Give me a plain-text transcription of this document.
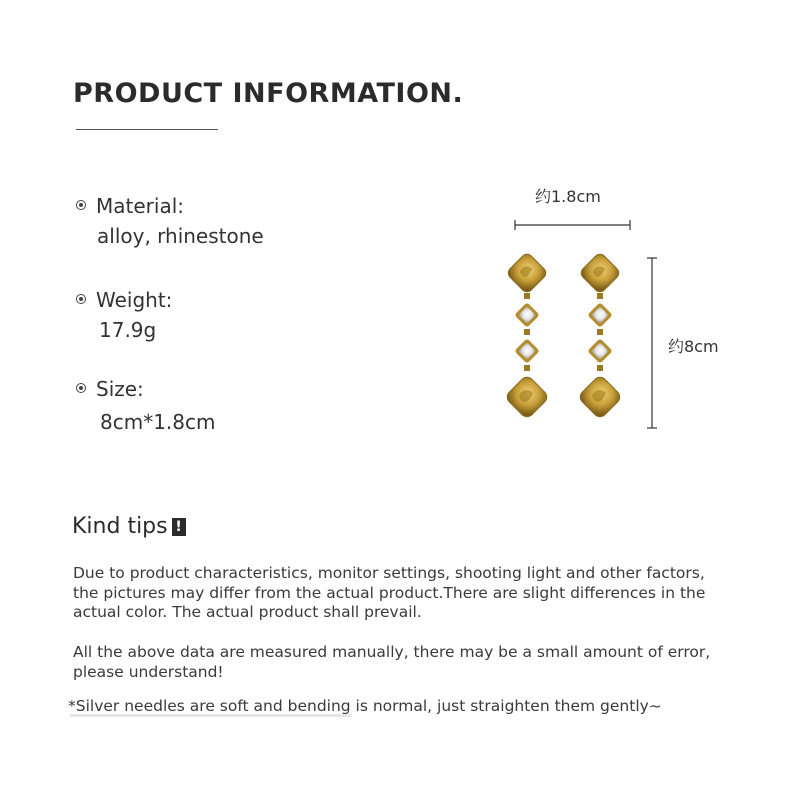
PRODUCT INFORMATION.
Material:
alloy, rhinestone
Weight:
17.9g
Size:
8cm*1.8cm
约1.8cm
约8cm
Kind tips !

Due to product characteristics, monitor settings, shooting light and other factors, the pictures may differ from the actual product.There are slight differences in the actual color. The actual product shall prevail.

All the above data are measured manually, there may be a small amount of error, please understand!

*Silver needles are soft and bending is normal, just straighten them gently~
